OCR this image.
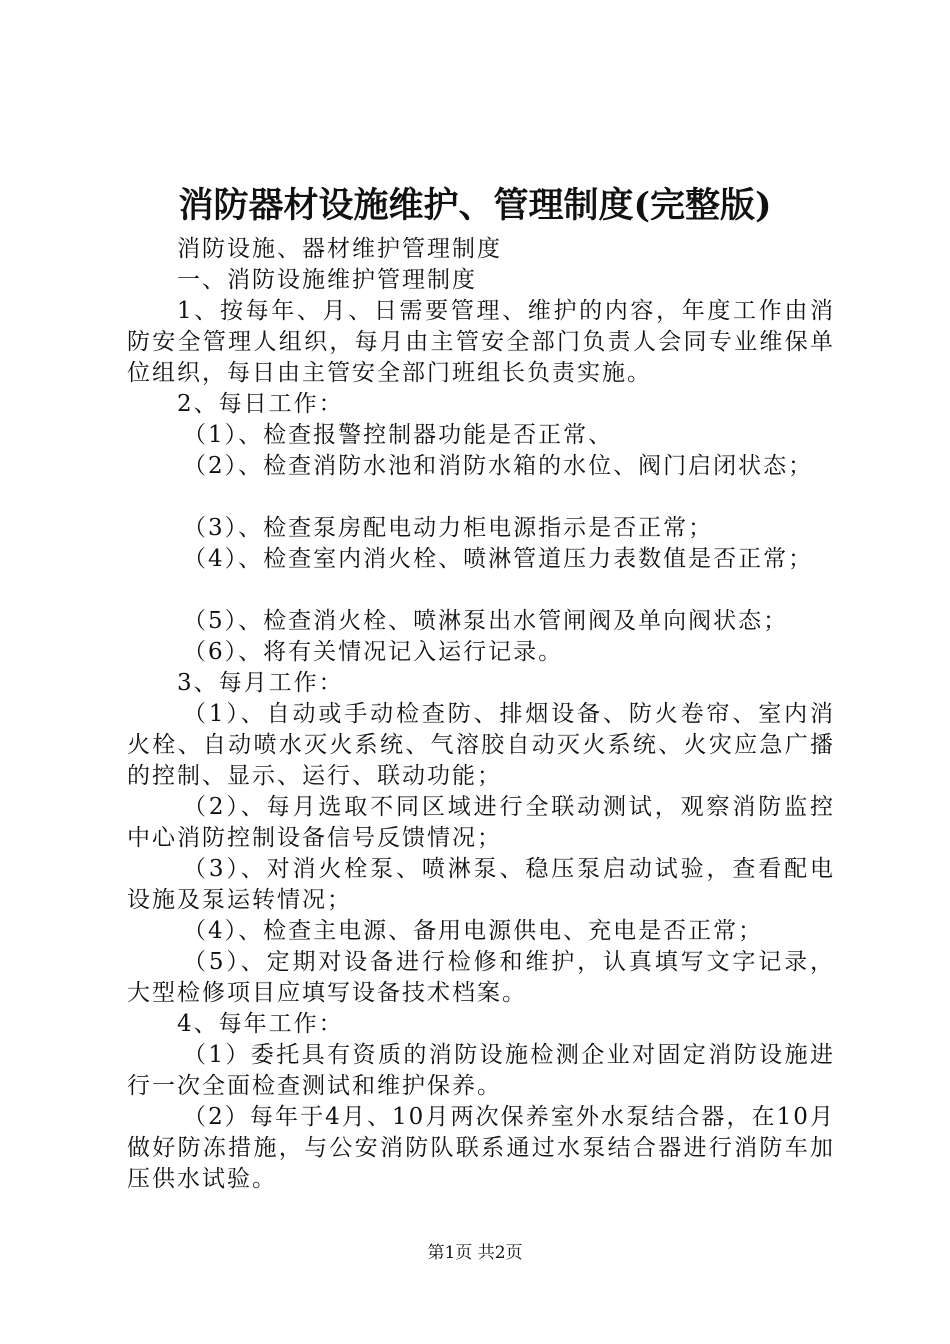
消防器材设施维护、管理制度(完整版)

消防设施、器材维护管理制度

一、消防设施维护管理制度

1、按每年、月、日需要管理、维护的内容，年度工作由消防安全管理人组织，每月由主管安全部门负责人会同专业维保单位组织，每日由主管安全部门班组长负责实施。

2、每日工作：

（1）、检查报警控制器功能是否正常、

（2）、检查消防水池和消防水箱的水位、阀门启闭状态；

（3）、检查泵房配电动力柜电源指示是否正常；

（4）、检查室内消火栓、喷淋管道压力表数值是否正常；

（5）、检查消火栓、喷淋泵出水管闸阀及单向阀状态；

（6）、将有关情况记入运行记录。

3、每月工作：

（1）、自动或手动检查防、排烟设备、防火卷帘、室内消火栓、自动喷水灭火系统、气溶胶自动灭火系统、火灾应急广播的控制、显示、运行、联动功能；

（2）、每月选取不同区域进行全联动测试，观察消防监控中心消防控制设备信号反馈情况；

（3）、对消火栓泵、喷淋泵、稳压泵启动试验，查看配电设施及泵运转情况；

（4）、检查主电源、备用电源供电、充电是否正常；

（5）、定期对设备进行检修和维护，认真填写文字记录，大型检修项目应填写设备技术档案。

4、每年工作：

（1）委托具有资质的消防设施检测企业对固定消防设施进行一次全面检查测试和维护保养。

（2）每年于4月、10月两次保养室外水泵结合器，在10月做好防冻措施，与公安消防队联系通过水泵结合器进行消防车加压供水试验。

第1页 共2页
